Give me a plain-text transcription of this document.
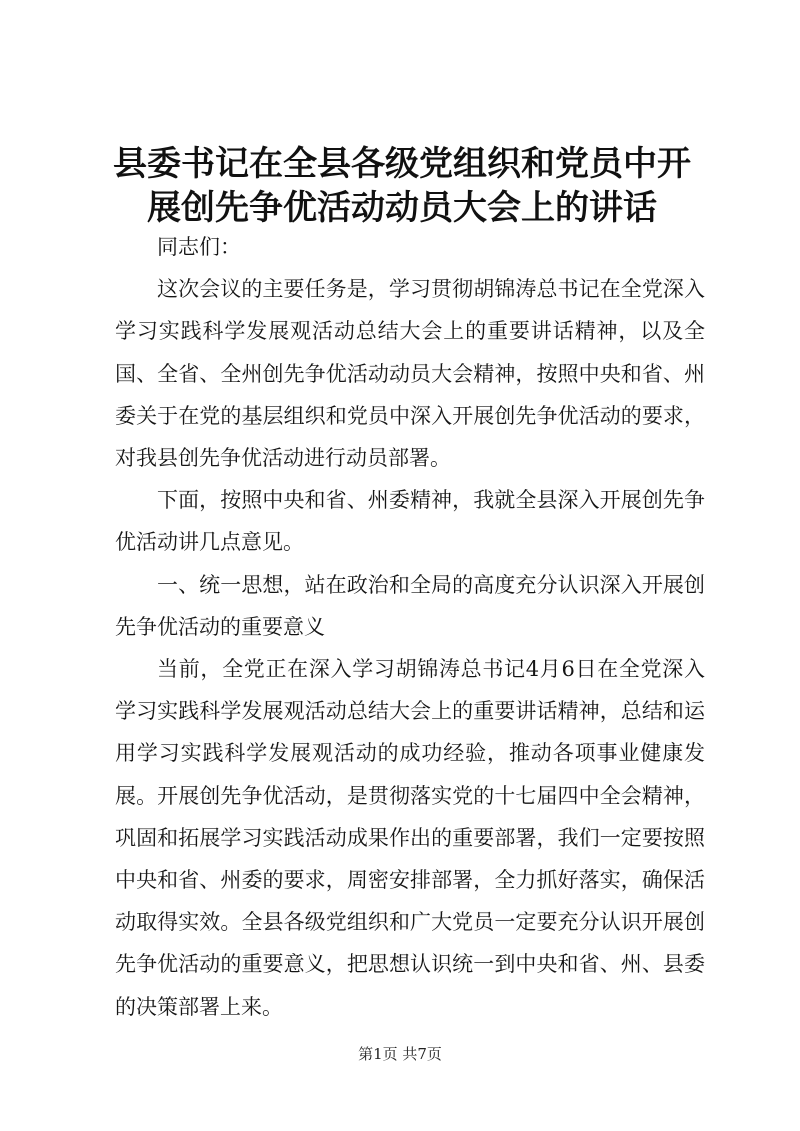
县委书记在全县各级党组织和党员中开展创先争优活动动员大会上的讲话

同志们：

这次会议的主要任务是，学习贯彻胡锦涛总书记在全党深入学习实践科学发展观活动总结大会上的重要讲话精神，以及全国、全省、全州创先争优活动动员大会精神，按照中央和省、州委关于在党的基层组织和党员中深入开展创先争优活动的要求，对我县创先争优活动进行动员部署。

下面，按照中央和省、州委精神，我就全县深入开展创先争优活动讲几点意见。

一、统一思想，站在政治和全局的高度充分认识深入开展创先争优活动的重要意义

当前，全党正在深入学习胡锦涛总书记4月6日在全党深入学习实践科学发展观活动总结大会上的重要讲话精神，总结和运用学习实践科学发展观活动的成功经验，推动各项事业健康发展。开展创先争优活动，是贯彻落实党的十七届四中全会精神，巩固和拓展学习实践活动成果作出的重要部署，我们一定要按照中央和省、州委的要求，周密安排部署，全力抓好落实，确保活动取得实效。全县各级党组织和广大党员一定要充分认识开展创先争优活动的重要意义，把思想认识统一到中央和省、州、县委的决策部署上来。

第1页 共7页
